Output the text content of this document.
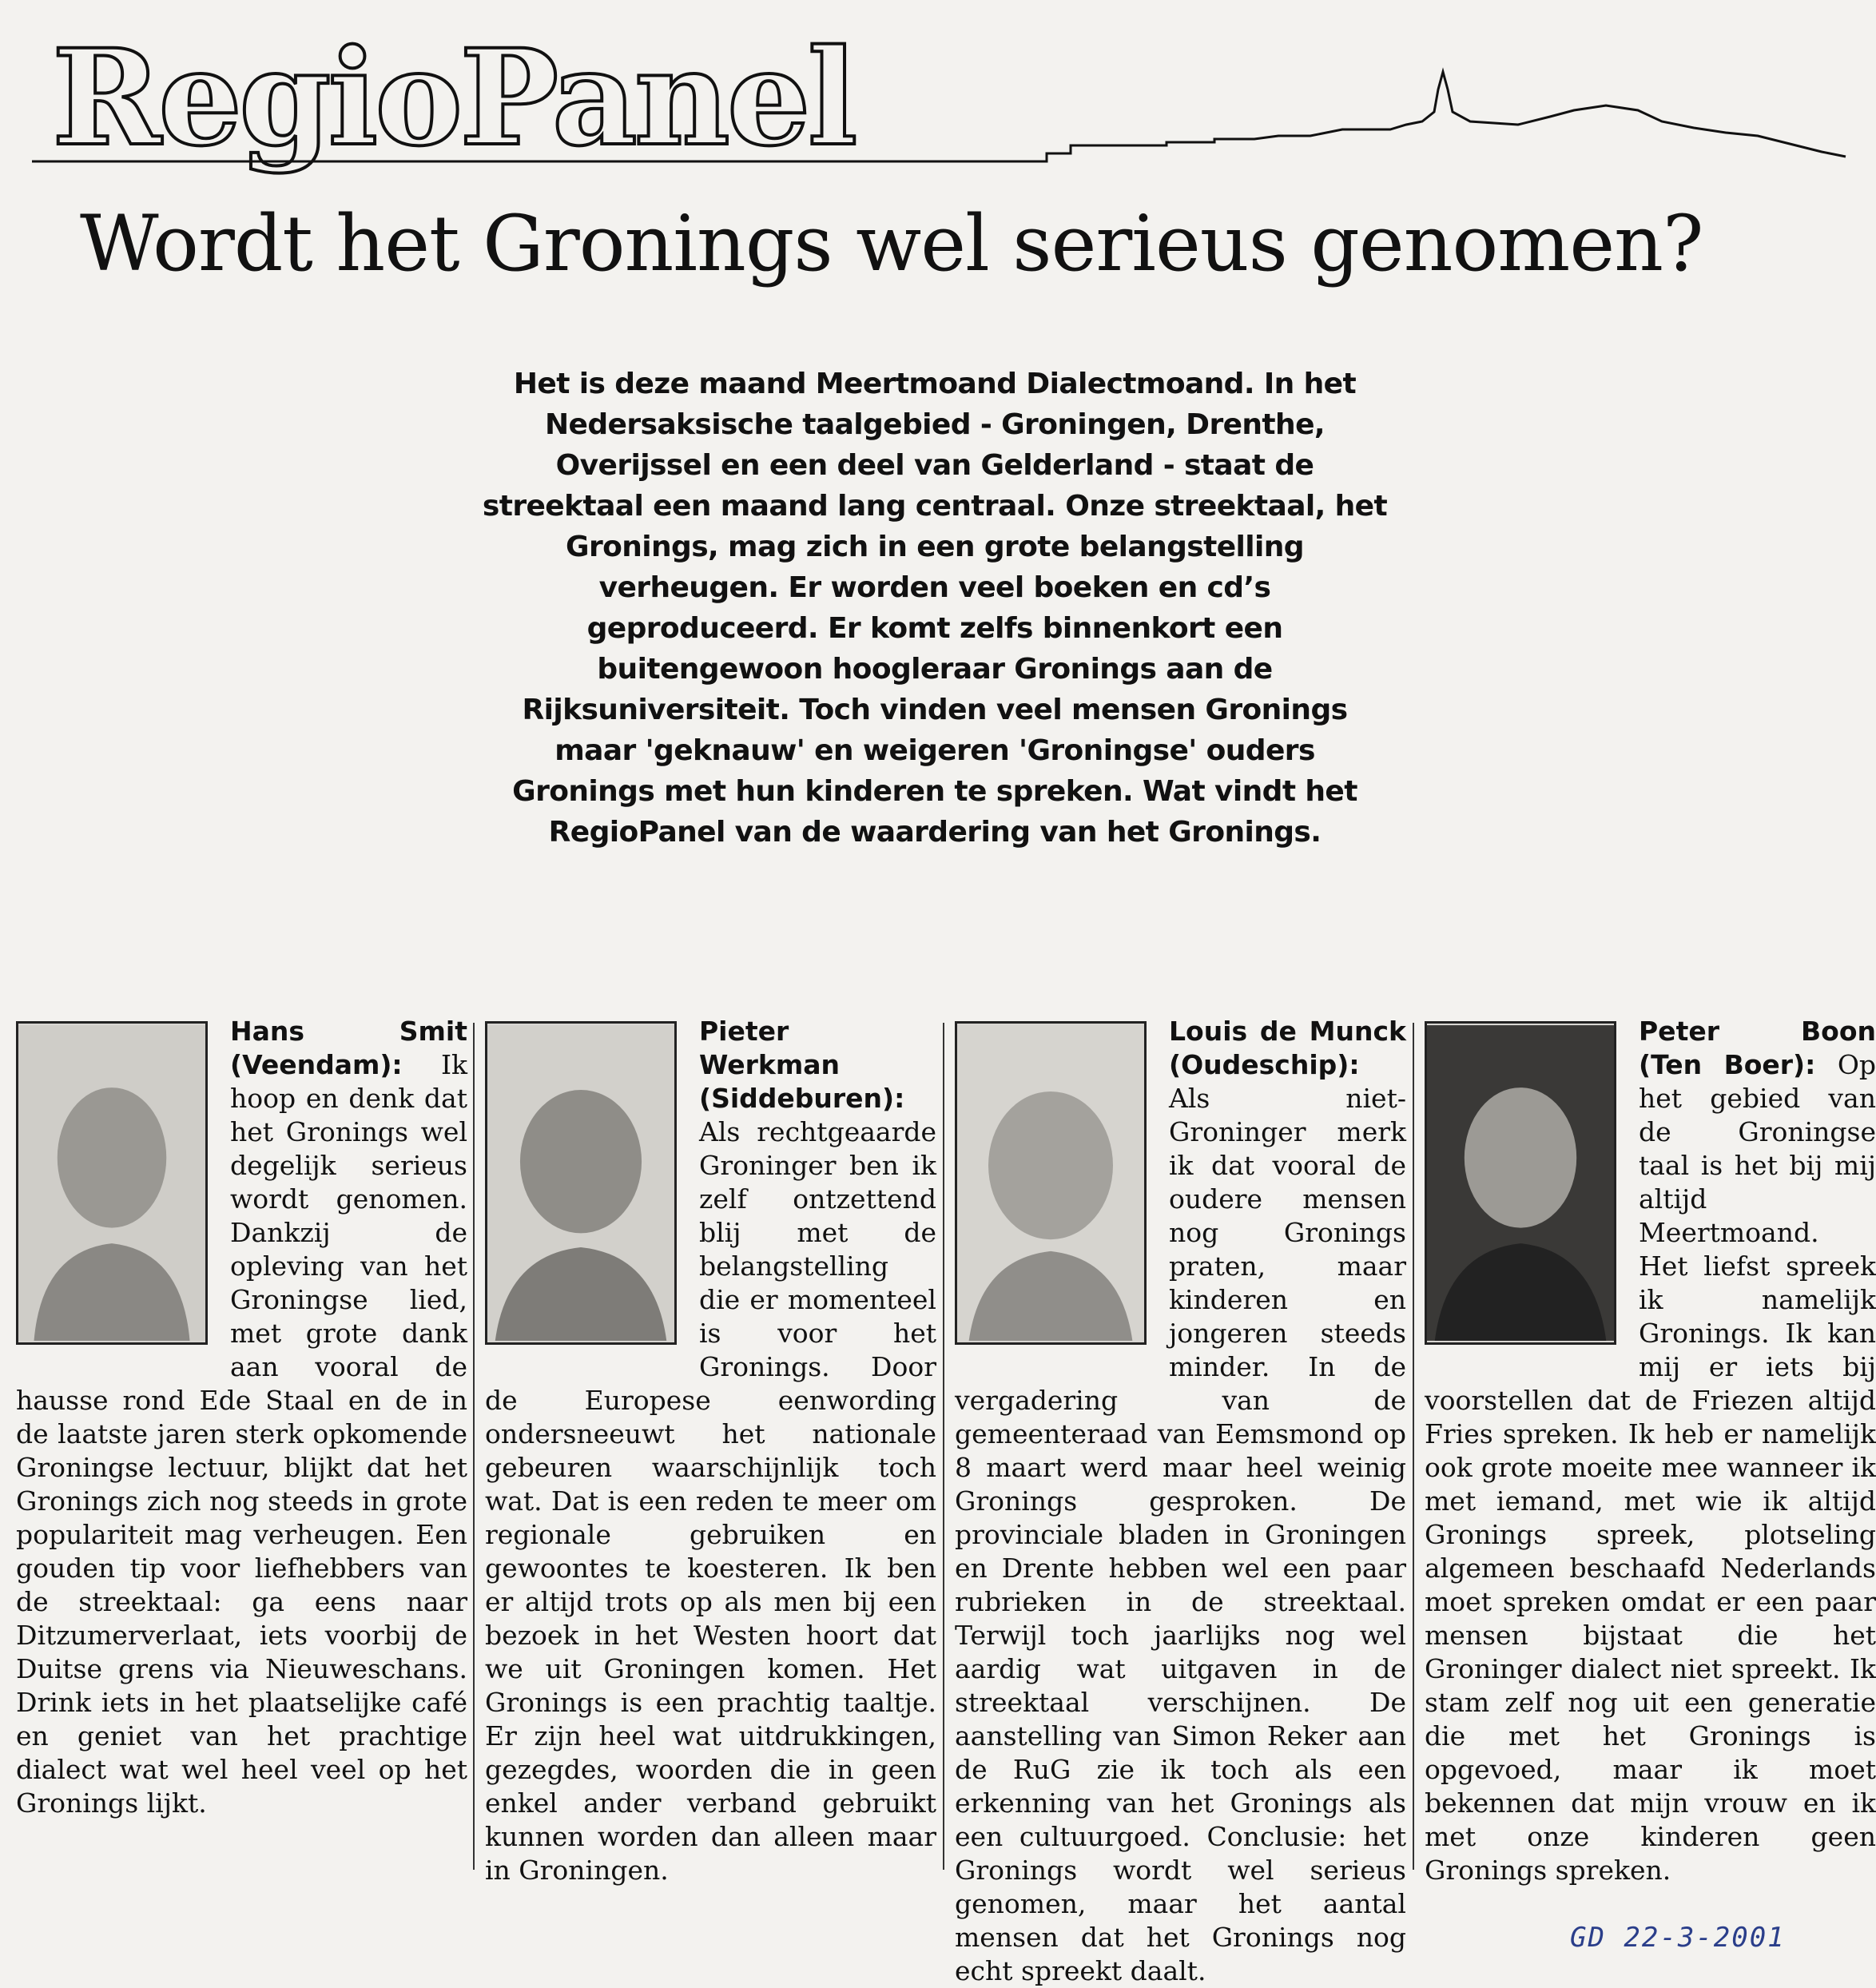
RegioPanel
Wordt het Gronings wel serieus genomen?
Het is deze maand Meertmoand Dialectmoand. In het Nedersaksische taalgebied - Groningen, Drenthe, Overijssel en een deel van Gelderland - staat de streektaal een maand lang centraal. Onze streektaal, het Gronings, mag zich in een grote belangstelling verheugen. Er worden veel boeken en cd’s geproduceerd. Er komt zelfs binnenkort een buitengewoon hoogleraar Gronings aan de Rijksuniversiteit. Toch vinden veel mensen Gronings maar 'geknauw' en weigeren 'Groningse' ouders Gronings met hun kinderen te spreken. Wat vindt het RegioPanel van de waardering van het Gronings.
Hans Smit (Veendam): Ik hoop en denk dat het Gronings wel degelijk serieus wordt genomen. Dankzij de opleving van het Groningse lied, met grote dank aan vooral de hausse rond Ede Staal en de in de laatste jaren sterk opkomende Groningse lectuur, blijkt dat het Gronings zich nog steeds in grote populariteit mag verheugen. Een gouden tip voor liefhebbers van de streektaal: ga eens naar Ditzumerverlaat, iets voorbij de Duitse grens via Nieuweschans. Drink iets in het plaatselijke café en geniet van het prachtige dialect wat wel heel veel op het Gronings lijkt.
Pieter Werkman (Siddeburen): Als rechtgeaarde Groninger ben ik zelf ontzettend blij met de belangstelling die er momenteel is voor het Gronings. Door de Europese eenwording ondersneeuwt het nationale gebeuren waarschijnlijk toch wat. Dat is een reden te meer om regionale gebruiken en gewoontes te koesteren. Ik ben er altijd trots op als men bij een bezoek in het Westen hoort dat we uit Groningen komen. Het Gronings is een prachtig taaltje. Er zijn heel wat uitdrukkingen, gezegdes, woorden die in geen enkel ander verband gebruikt kunnen worden dan alleen maar in Groningen.
Louis de Munck (Oudeschip): Als niet-Groninger merk ik dat vooral de oudere mensen nog Gronings praten, maar kinderen en jongeren steeds minder. In de vergadering van de gemeenteraad van Eemsmond op 8 maart werd maar heel weinig Gronings gesproken. De provinciale bladen in Groningen en Drente hebben wel een paar rubrieken in de streektaal. Terwijl toch jaarlijks nog wel aardig wat uitgaven in de streektaal verschijnen. De aanstelling van Simon Reker aan de RuG zie ik toch als een erkenning van het Gronings als een cultuurgoed. Conclusie: het Gronings wordt wel serieus genomen, maar het aantal mensen dat het Gronings nog echt spreekt daalt.
Peter Boon (Ten Boer): Op het gebied van de Groningse taal is het bij mij altijd Meertmoand. Het liefst spreek ik namelijk Gronings. Ik kan mij er iets bij voorstellen dat de Friezen altijd Fries spreken. Ik heb er namelijk ook grote moeite mee wanneer ik met iemand, met wie ik altijd Gronings spreek, plotseling algemeen beschaafd Nederlands moet spreken omdat er een paar mensen bijstaat die het Groninger dialect niet spreekt. Ik stam zelf nog uit een generatie die met het Gronings is opgevoed, maar ik moet bekennen dat mijn vrouw en ik met onze kinderen geen Gronings spreken.
GD 22-3-2001
